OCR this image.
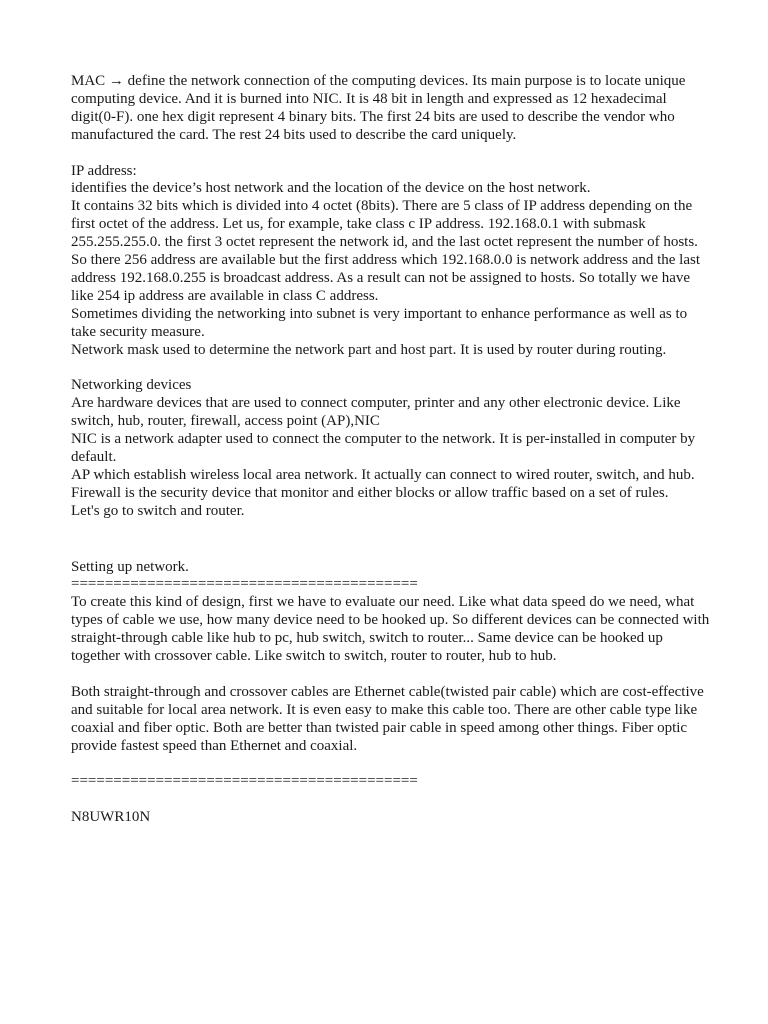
MAC → define the network connection of the computing devices. Its main purpose is to locate unique computing device. And it is burned into NIC. It is 48 bit in length and expressed as 12 hexadecimal digit(0-F). one hex digit represent 4 binary bits. The first 24 bits are used to describe the vendor who manufactured the card. The rest 24 bits used to describe the card uniquely.

IP address:

identifies the device’s host network and the location of the device on the host network.

It contains 32 bits which is divided into 4 octet (8bits). There are 5 class of IP address depending on the first octet of the address. Let us, for example, take class c IP address. 192.168.0.1 with submask 255.255.255.0. the first 3 octet represent the network id, and the last octet represent the number of hosts. So there 256 address are available but the first address which 192.168.0.0 is network address and the last address 192.168.0.255 is broadcast address. As a result can not be assigned to hosts. So totally we have like 254 ip address are available in class C address.

Sometimes dividing the networking into subnet is very important to enhance performance as well as to take security measure.

Network mask used to determine the network part and host part. It is used by router during routing.

Networking devices

Are hardware devices that are used to connect computer, printer and any other electronic device. Like switch, hub, router, firewall, access point (AP),NIC

NIC is a network adapter used to connect the computer to the network. It is per-installed in computer by default.

AP which establish wireless local area network. It actually can connect to wired router, switch, and hub.

Firewall is the security device that monitor and either blocks or allow traffic based on a set of rules.

Let's go to switch and router.

Setting up network.

=========================================

To create this kind of design, first we have to evaluate our need. Like what data speed do we need, what types of cable we use, how many device need to be hooked up. So different devices can be connected with straight-through cable like hub to pc, hub switch, switch to router... Same device can be hooked up together with crossover cable. Like switch to switch, router to router, hub to hub.

Both straight-through and crossover cables are Ethernet cable(twisted pair cable) which are cost-effective and suitable for local area network. It is even easy to make this cable too. There are other cable type like coaxial and fiber optic. Both are better than twisted pair cable in speed among other things. Fiber optic provide fastest speed than Ethernet and coaxial.

=========================================

N8UWR10N
